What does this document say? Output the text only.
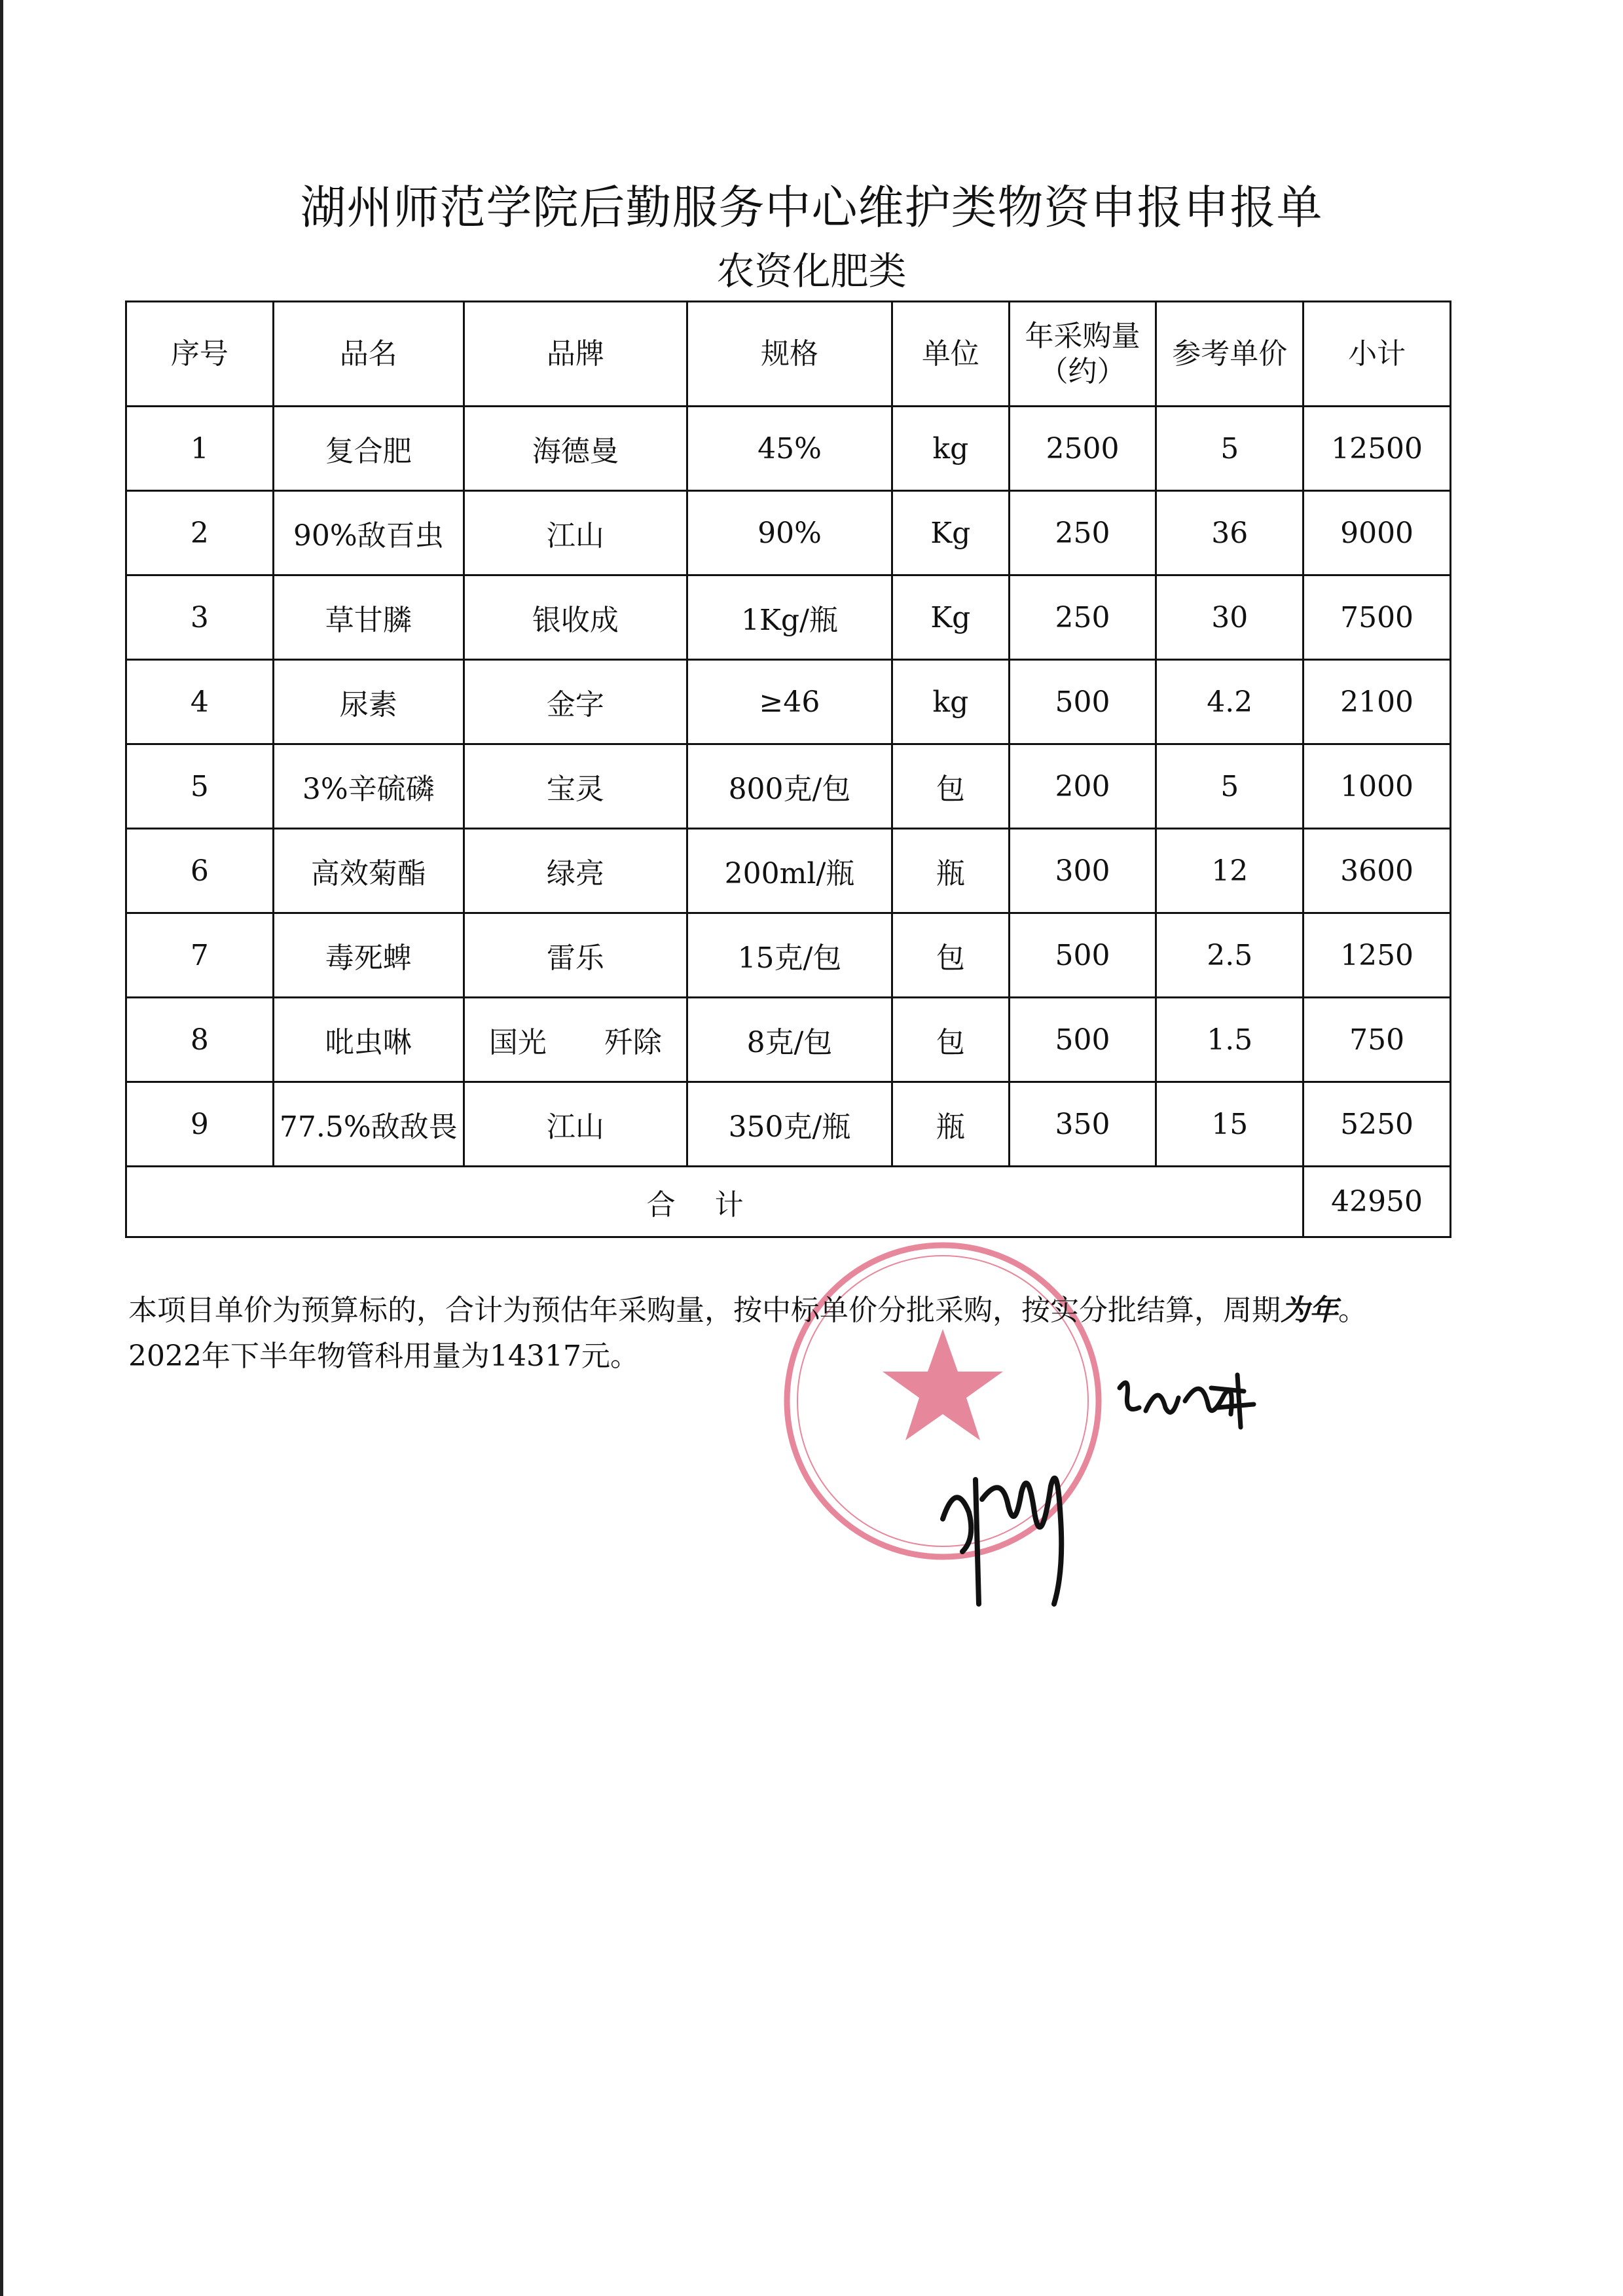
湖州师范学院后勤服务中心维护类物资申报申报单
农资化肥类
序号	品名	品牌	规格	单位	年采购量（约）	参考单价	小计
1	复合肥	海德曼	45%	kg	2500	5	12500
2	90%敌百虫	江山	90%	Kg	250	36	9000
3	草甘膦	银收成	1Kg/瓶	Kg	250	30	7500
4	尿素	金字	≥46	kg	500	4.2	2100
5	3%辛硫磷	宝灵	800克/包	包	200	5	1000
6	高效菊酯	绿亮	200ml/瓶	瓶	300	12	3600
7	毒死蜱	雷乐	15克/包	包	500	2.5	1250
8	吡虫啉	国光　　歼除	8克/包	包	500	1.5	750
9	77.5%敌敌畏	江山	350克/瓶	瓶	350	15	5250
合计							42950
本项目单价为预算标的，合计为预估年采购量，按中标单价分批采购，按实分批结算，周期为年。
2022年下半年物管科用量为14317元。
